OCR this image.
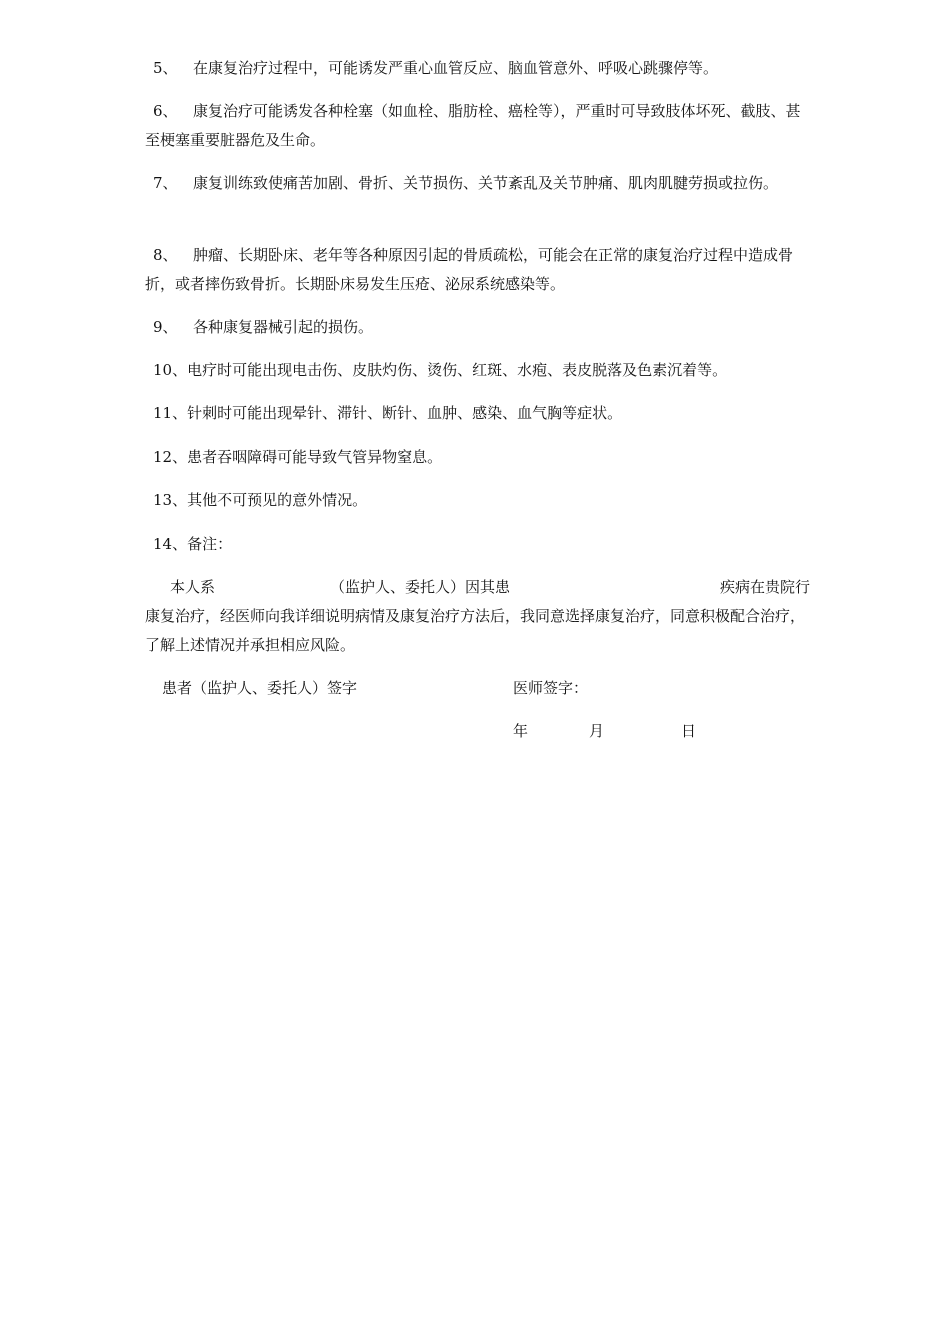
5、 在康复治疗过程中，可能诱发严重心血管反应、脑血管意外、呼吸心跳骤停等。

6、 康复治疗可能诱发各种栓塞（如血栓、脂肪栓、癌栓等），严重时可导致肢体坏死、截肢、甚至梗塞重要脏器危及生命。

7、 康复训练致使痛苦加剧、骨折、关节损伤、关节紊乱及关节肿痛、肌肉肌腱劳损或拉伤。

8、 肿瘤、长期卧床、老年等各种原因引起的骨质疏松，可能会在正常的康复治疗过程中造成骨折，或者摔伤致骨折。长期卧床易发生压疮、泌尿系统感染等。

9、 各种康复器械引起的损伤。

10、电疗时可能出现电击伤、皮肤灼伤、烫伤、红斑、水疱、表皮脱落及色素沉着等。

11、针刺时可能出现晕针、滞针、断针、血肿、感染、血气胸等症状。

12、患者吞咽障碍可能导致气管异物窒息。

13、其他不可预见的意外情况。

14、备注：

本人系	（监护人、委托人）因其患	疾病在贵院行康复治疗，经医师向我详细说明病情及康复治疗方法后，我同意选择康复治疗，同意积极配合治疗，了解上述情况并承担相应风险。

患者（监护人、委托人）签字	医师签字：
年	月	日
